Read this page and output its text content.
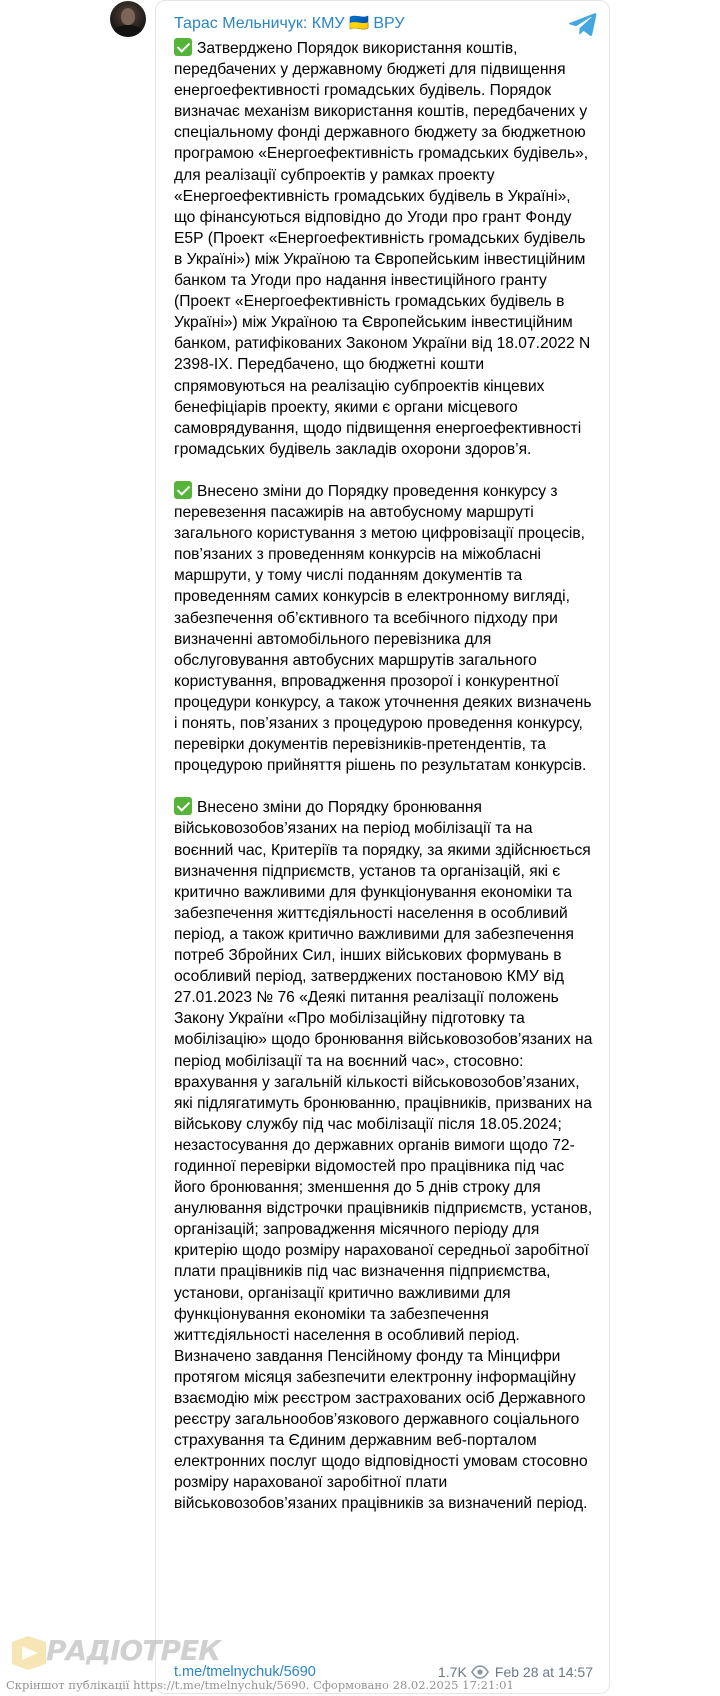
Тарас Мельничук: КМУ 🇺🇦 ВРУ
Затверджено Порядок використання коштів, передбачених у державному бюджеті для підвищення енергоефективності громадських будівель. Порядок визначає механізм використання коштів, передбачених у спеціальному фонді державного бюджету за бюджетною програмою «Енергоефективність громадських будівель», для реалізації субпроектів у рамках проекту «Енергоефективність громадських будівель в Україні», що фінансуються відповідно до Угоди про грант Фонду Е5Р (Проект «Енергоефективність громадських будівель в Україні») між Україною та Європейським інвестиційним банком та Угоди про надання інвестиційного гранту (Проект «Енергоефективність громадських будівель в Україні») між Україною та Європейським інвестиційним банком, ратифікованих Законом України від 18.07.2022 N 2398-IX. Передбачено, що бюджетні кошти спрямовуються на реалізацію субпроектів кінцевих бенефіціарів проекту, якими є органи місцевого самоврядування, щодо підвищення енергоефективності громадських будівель закладів охорони здоров’я.

Внесено зміни до Порядку проведення конкурсу з перевезення пасажирів на автобусному маршруті загального користування з метою цифровізації процесів, пов’язаних з проведенням конкурсів на міжобласні маршрути, у тому числі поданням документів та проведенням самих конкурсів в електронному вигляді, забезпечення об’єктивного та всебічного підходу при визначенні автомобільного перевізника для обслуговування автобусних маршрутів загального користування, впровадження прозорої і конкурентної процедури конкурсу, а також уточнення деяких визначень і понять, пов’язаних з процедурою проведення конкурсу, перевірки документів перевізників-претендентів, та процедурою прийняття рішень по результатам конкурсів.

Внесено зміни до Порядку бронювання військовозобов’язаних на період мобілізації та на воєнний час, Критеріїв та порядку, за якими здійснюється визначення підприємств, установ та організацій, які є критично важливими для функціонування економіки та забезпечення життєдіяльності населення в особливий період, а також критично важливими для забезпечення потреб Збройних Сил, інших військових формувань в особливий період, затверджених постановою КМУ від 27.01.2023 № 76 «Деякі питання реалізації положень Закону України «Про мобілізаційну підготовку та мобілізацію» щодо бронювання військовозобов’язаних на період мобілізації та на воєнний час», стосовно: врахування у загальній кількості військовозобов’язаних, які підлягатимуть бронюванню, працівників, призваних на військову службу під час мобілізації після 18.05.2024; незастосування до державних органів вимоги щодо 72-годинної перевірки відомостей про працівника під час його бронювання; зменшення до 5 днів строку для анулювання відстрочки працівників підприємств, установ, організацій; запровадження місячного періоду для критерію щодо розміру нарахованої середньої заробітної плати працівників під час визначення підприємства, установи, організації критично важливими для функціонування економіки та забезпечення життєдіяльності населення в особливий період. Визначено завдання Пенсійному фонду та Мінцифри протягом місяця забезпечити електронну інформаційну взаємодію між реєстром застрахованих осіб Державного реєстру загальнообов’язкового державного соціального страхування та Єдиним державним веб-порталом електронних послуг щодо відповідності умовам стосовно розміру нарахованої заробітної плати військовозобов’язаних працівників за визначений період.
t.me/tmelnychuk/5690	1.7K Feb 28 at 14:57
РАДІОТРЕК
Скріншот публікації https://t.me/tmelnychuk/5690. Сформовано 28.02.2025 17:21:01
